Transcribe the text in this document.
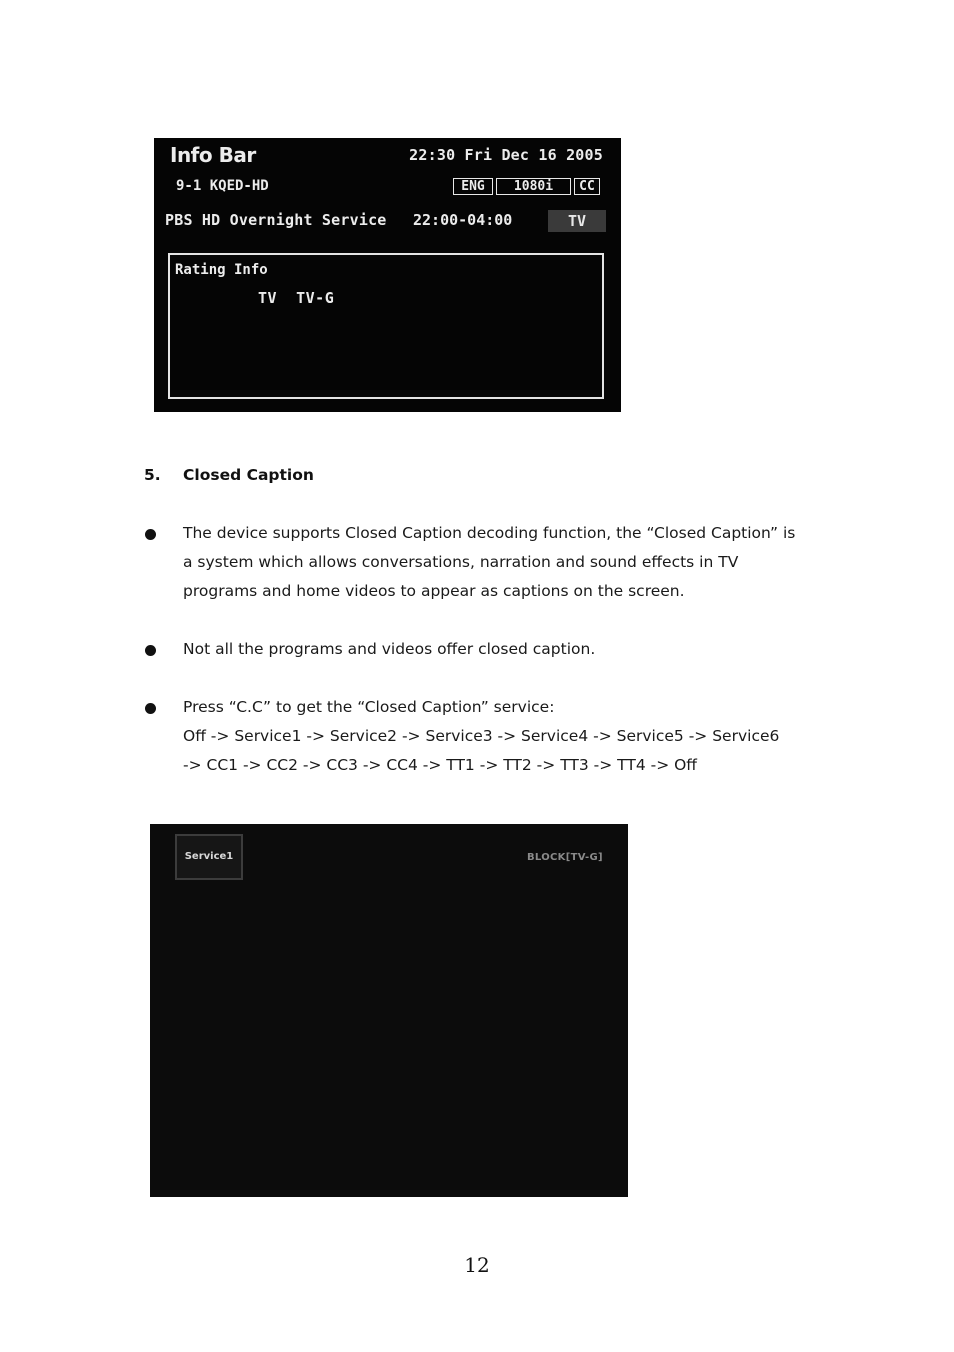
Info Bar	22:30 Fri Dec 16 2005
9-1 KQED-HD	ENG	1080i	CC
PBS HD Overnight Service 22:00-04:00	TV
Rating Info
TV  TV-G
5. Closed Caption
The device supports Closed Caption decoding function, the “Closed Caption” is
a system which allows conversations, narration and sound effects in TV
programs and home videos to appear as captions on the screen.
Not all the programs and videos offer closed caption.
Press “C.C” to get the “Closed Caption” service:
Off -> Service1 -> Service2 -> Service3 -> Service4 -> Service5 -> Service6
-> CC1 -> CC2 -> CC3 -> CC4 -> TT1 -> TT2 -> TT3 -> TT4 -> Off
Service1	BLOCK[TV-G]
12
